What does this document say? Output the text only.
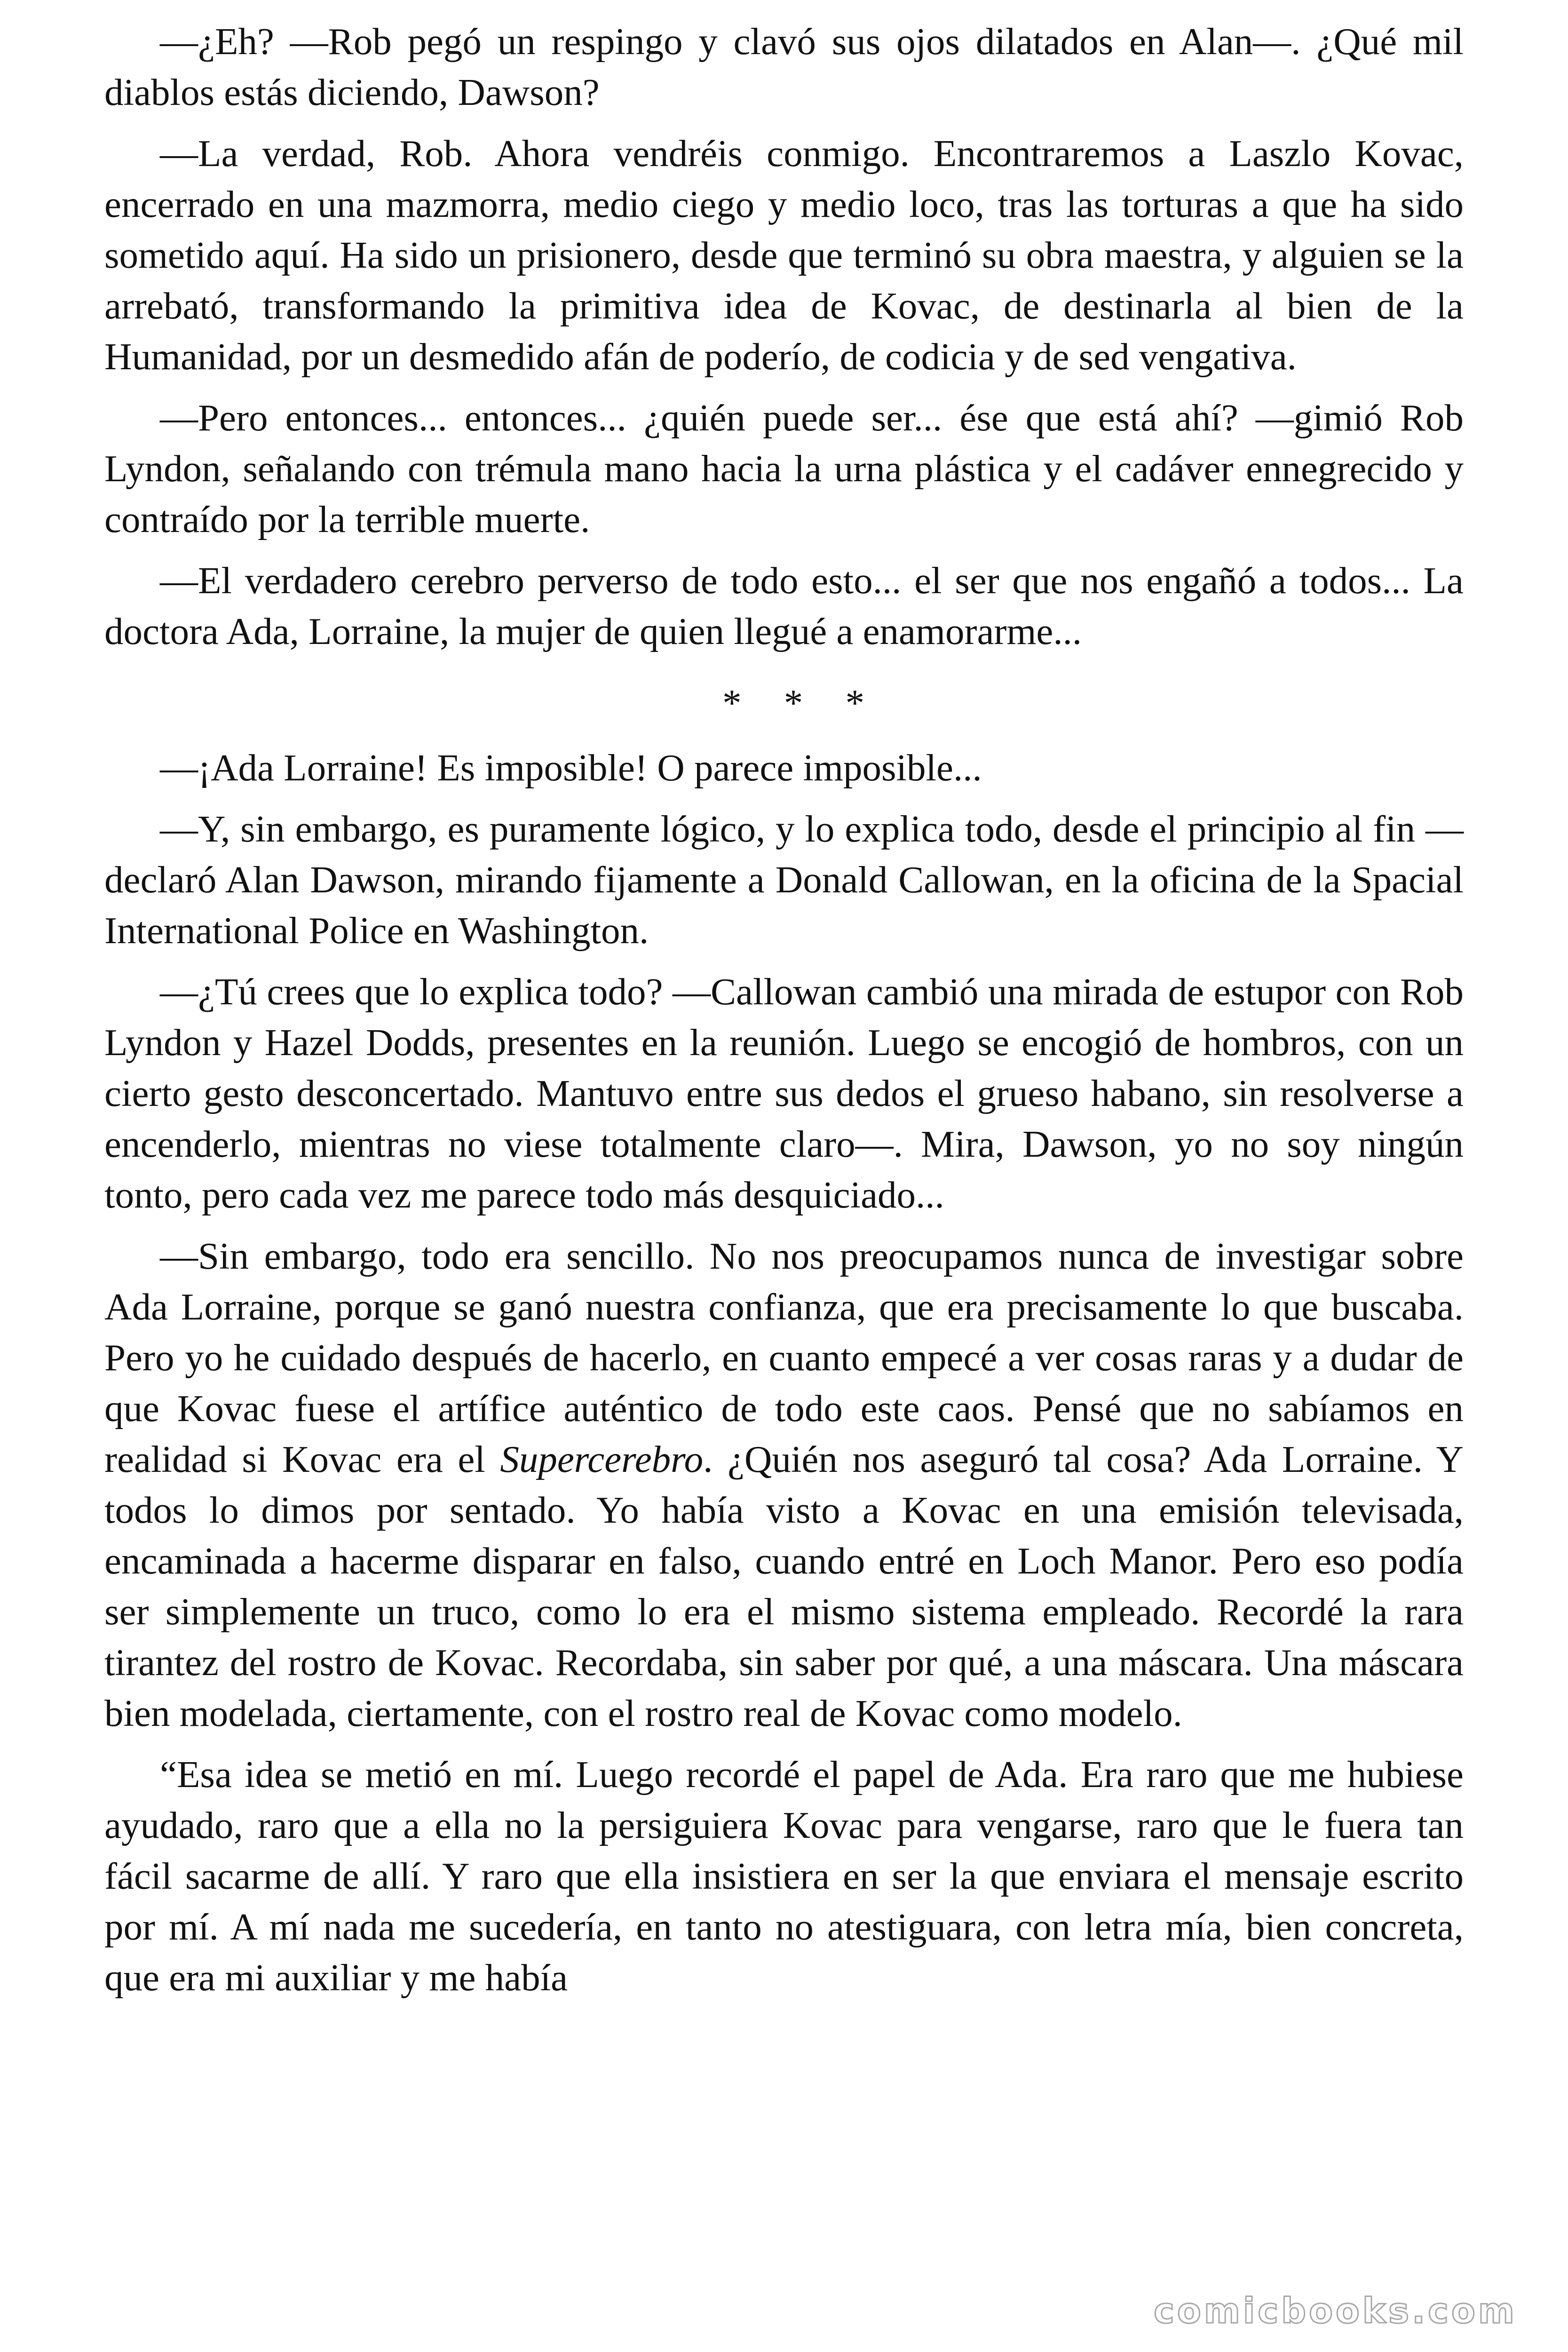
—¿Eh? —Rob pegó un respingo y clavó sus ojos dilatados en Alan—. ¿Qué mil diablos estás diciendo, Dawson?

—La verdad, Rob. Ahora vendréis conmigo. Encontraremos a Laszlo Kovac, encerrado en una mazmorra, medio ciego y medio loco, tras las torturas a que ha sido sometido aquí. Ha sido un prisionero, desde que terminó su obra maestra, y alguien se la arrebató, transformando la primitiva idea de Kovac, de destinarla al bien de la Humanidad, por un desmedido afán de poderío, de codicia y de sed vengativa.

—Pero entonces... entonces... ¿quién puede ser... ése que está ahí? —gimió Rob Lyndon, señalando con trémula mano hacia la urna plástica y el cadáver ennegrecido y contraído por la terrible muerte.

—El verdadero cerebro perverso de todo esto... el ser que nos engañó a todos... La doctora Ada, Lorraine, la mujer de quien llegué a enamorarme...

* * *

—¡Ada Lorraine! Es imposible! O parece imposible...

—Y, sin embargo, es puramente lógico, y lo explica todo, desde el principio al fin —declaró Alan Dawson, mirando fijamente a Donald Callowan, en la oficina de la Spacial International Police en Washington.

—¿Tú crees que lo explica todo? —Callowan cambió una mirada de estupor con Rob Lyndon y Hazel Dodds, presentes en la reunión. Luego se encogió de hombros, con un cierto gesto desconcertado. Mantuvo entre sus dedos el grueso habano, sin resolverse a encenderlo, mientras no viese totalmente claro—. Mira, Dawson, yo no soy ningún tonto, pero cada vez me parece todo más desquiciado...

—Sin embargo, todo era sencillo. No nos preocupamos nunca de investigar sobre Ada Lorraine, porque se ganó nuestra confianza, que era precisamente lo que buscaba. Pero yo he cuidado después de hacerlo, en cuanto empecé a ver cosas raras y a dudar de que Kovac fuese el artífice auténtico de todo este caos. Pensé que no sabíamos en realidad si Kovac era el Supercerebro. ¿Quién nos aseguró tal cosa? Ada Lorraine. Y todos lo dimos por sentado. Yo había visto a Kovac en una emisión televisada, encaminada a hacerme disparar en falso, cuando entré en Loch Manor. Pero eso podía ser simplemente un truco, como lo era el mismo sistema empleado. Recordé la rara tirantez del rostro de Kovac. Recordaba, sin saber por qué, a una máscara. Una máscara bien modelada, ciertamente, con el rostro real de Kovac como modelo.

“Esa idea se metió en mí. Luego recordé el papel de Ada. Era raro que me hubiese ayudado, raro que a ella no la persiguiera Kovac para vengarse, raro que le fuera tan fácil sacarme de allí. Y raro que ella insistiera en ser la que enviara el mensaje escrito por mí. A mí nada me sucedería, en tanto no atestiguara, con letra mía, bien concreta, que era mi auxiliar y me había

comicbooks.com
